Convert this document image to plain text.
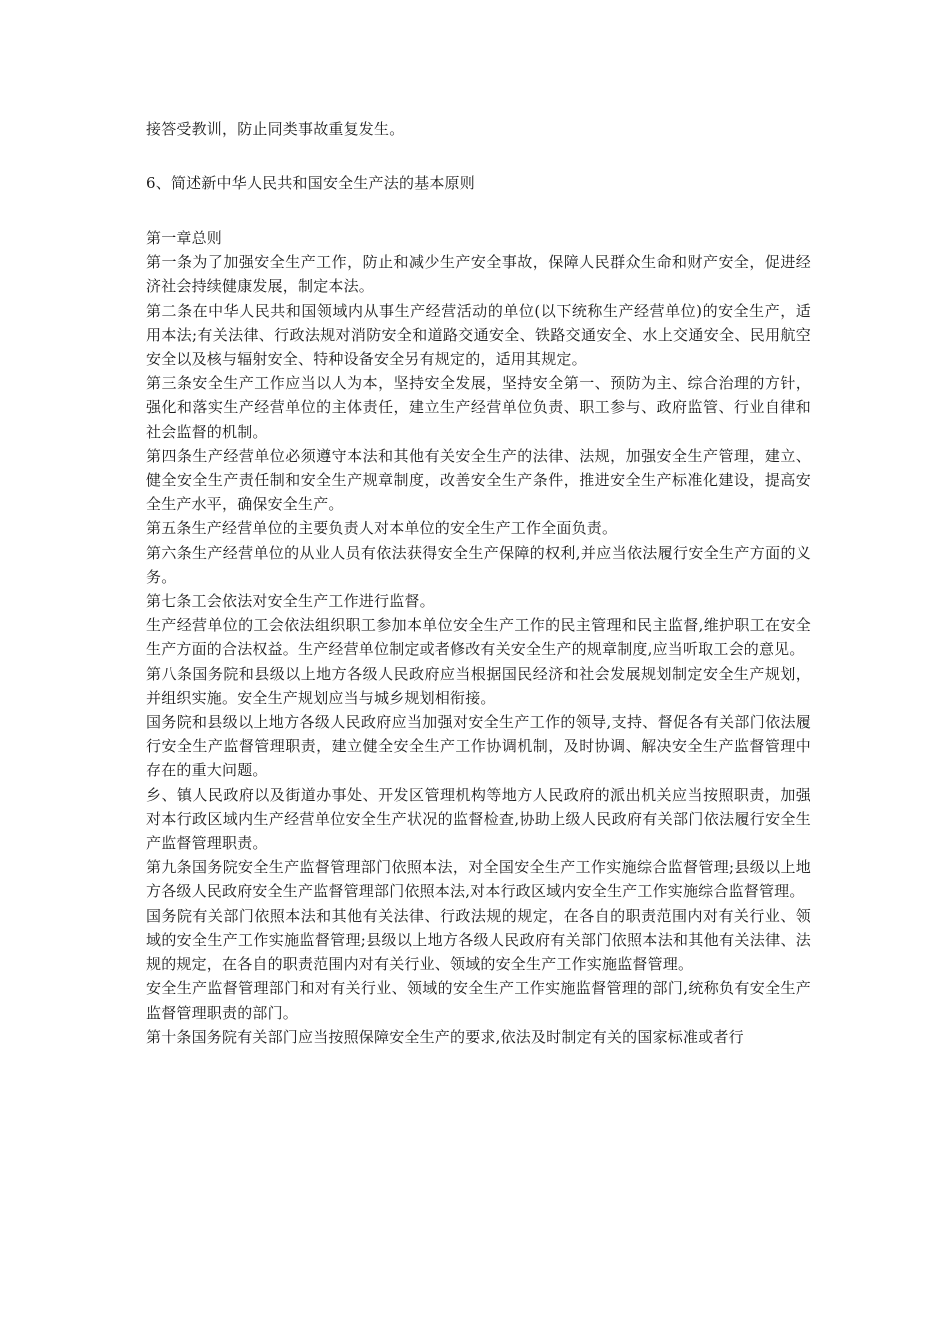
接答受教训，防止同类事故重复发生。

6、简述新中华人民共和国安全生产法的基本原则

第一章总则

第一条为了加强安全生产工作，防止和减少生产安全事故，保障人民群众生命和财产安全，促进经济社会持续健康发展，制定本法。

第二条在中华人民共和国领域内从事生产经营活动的单位(以下统称生产经营单位)的安全生产，适用本法;有关法律、行政法规对消防安全和道路交通安全、铁路交通安全、水上交通安全、民用航空安全以及核与辐射安全、特种设备安全另有规定的，适用其规定。

第三条安全生产工作应当以人为本，坚持安全发展，坚持安全第一、预防为主、综合治理的方针，强化和落实生产经营单位的主体责任，建立生产经营单位负责、职工参与、政府监管、行业自律和社会监督的机制。

第四条生产经营单位必须遵守本法和其他有关安全生产的法律、法规，加强安全生产管理，建立、健全安全生产责任制和安全生产规章制度，改善安全生产条件，推进安全生产标准化建设，提高安全生产水平，确保安全生产。

第五条生产经营单位的主要负责人对本单位的安全生产工作全面负责。

第六条生产经营单位的从业人员有依法获得安全生产保障的权利,并应当依法履行安全生产方面的义务。

第七条工会依法对安全生产工作进行监督。

生产经营单位的工会依法组织职工参加本单位安全生产工作的民主管理和民主监督,维护职工在安全生产方面的合法权益。生产经营单位制定或者修改有关安全生产的规章制度,应当听取工会的意见。

第八条国务院和县级以上地方各级人民政府应当根据国民经济和社会发展规划制定安全生产规划，并组织实施。安全生产规划应当与城乡规划相衔接。

国务院和县级以上地方各级人民政府应当加强对安全生产工作的领导,支持、督促各有关部门依法履行安全生产监督管理职责，建立健全安全生产工作协调机制，及时协调、解决安全生产监督管理中存在的重大问题。

乡、镇人民政府以及街道办事处、开发区管理机构等地方人民政府的派出机关应当按照职责，加强对本行政区域内生产经营单位安全生产状况的监督检查,协助上级人民政府有关部门依法履行安全生产监督管理职责。

第九条国务院安全生产监督管理部门依照本法，对全国安全生产工作实施综合监督管理;县级以上地方各级人民政府安全生产监督管理部门依照本法,对本行政区域内安全生产工作实施综合监督管理。

国务院有关部门依照本法和其他有关法律、行政法规的规定，在各自的职责范围内对有关行业、领域的安全生产工作实施监督管理;县级以上地方各级人民政府有关部门依照本法和其他有关法律、法规的规定，在各自的职责范围内对有关行业、领域的安全生产工作实施监督管理。

安全生产监督管理部门和对有关行业、领域的安全生产工作实施监督管理的部门,统称负有安全生产监督管理职责的部门。

第十条国务院有关部门应当按照保障安全生产的要求,依法及时制定有关的国家标准或者行
